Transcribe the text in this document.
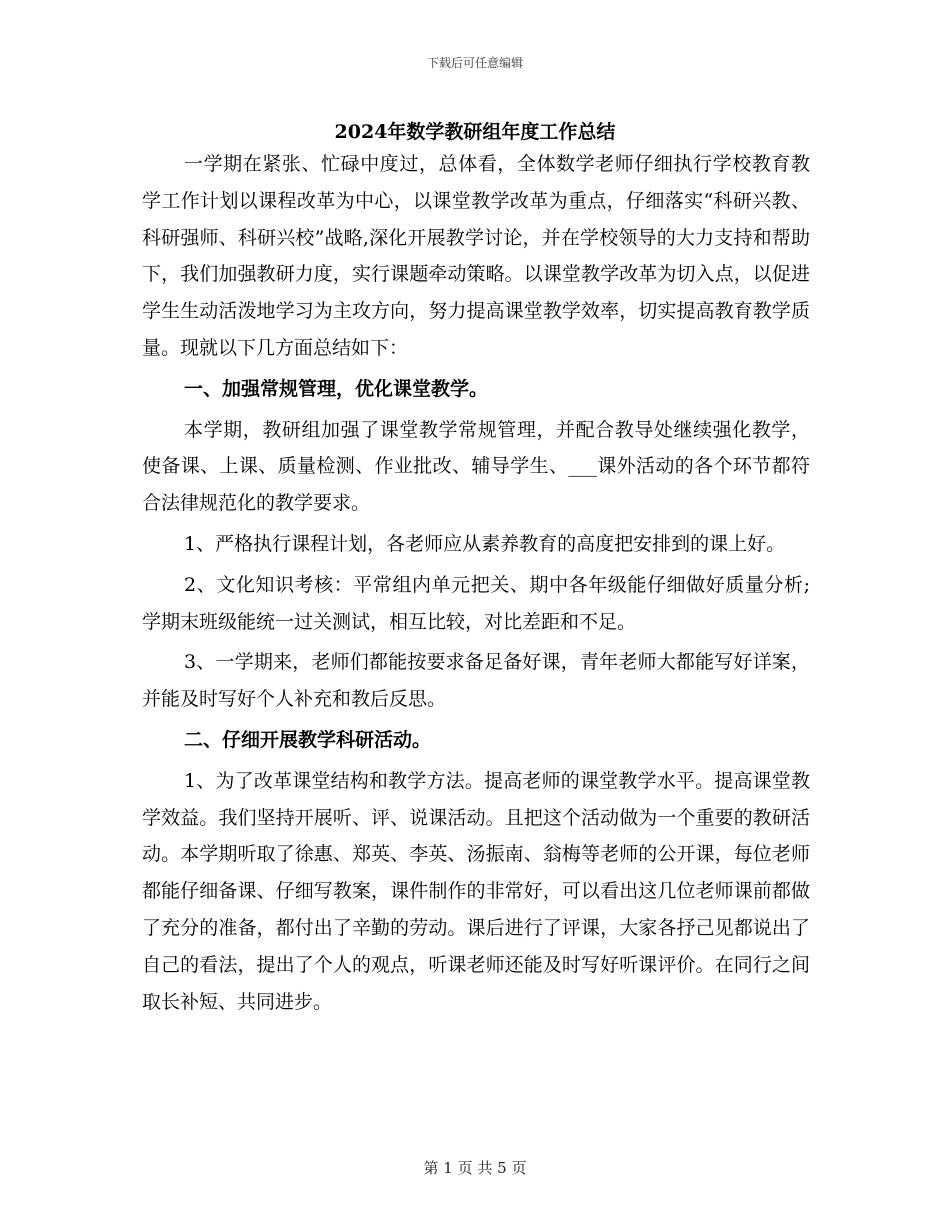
下载后可任意编辑
2024年数学教研组年度工作总结

一学期在紧张、忙碌中度过，总体看，全体数学老师仔细执行学校教育教学工作计划以课程改革为中心，以课堂教学改革为重点，仔细落实“科研兴教、科研强师、科研兴校”战略,深化开展教学讨论，并在学校领导的大力支持和帮助下，我们加强教研力度，实行课题牵动策略。以课堂教学改革为切入点，以促进学生生动活泼地学习为主攻方向，努力提高课堂教学效率，切实提高教育教学质量。现就以下几方面总结如下：

一、加强常规管理，优化课堂教学。

本学期，教研组加强了课堂教学常规管理，并配合教导处继续强化教学，使备课、上课、质量检测、作业批改、辅导学生、___课外活动的各个环节都符合法律规范化的教学要求。

1、严格执行课程计划，各老师应从素养教育的高度把安排到的课上好。

2、文化知识考核：平常组内单元把关、期中各年级能仔细做好质量分析;学期末班级能统一过关测试，相互比较，对比差距和不足。

3、一学期来，老师们都能按要求备足备好课，青年老师大都能写好详案，并能及时写好个人补充和教后反思。

二、仔细开展教学科研活动。

1、为了改革课堂结构和教学方法。提高老师的课堂教学水平。提高课堂教学效益。我们坚持开展听、评、说课活动。且把这个活动做为一个重要的教研活动。本学期听取了徐惠、郑英、李英、汤振南、翁梅等老师的公开课，每位老师都能仔细备课、仔细写教案，课件制作的非常好，可以看出这几位老师课前都做了充分的准备，都付出了辛勤的劳动。课后进行了评课，大家各抒己见都说出了自己的看法，提出了个人的观点，听课老师还能及时写好听课评价。在同行之间取长补短、共同进步。

第 1 页 共 5 页
